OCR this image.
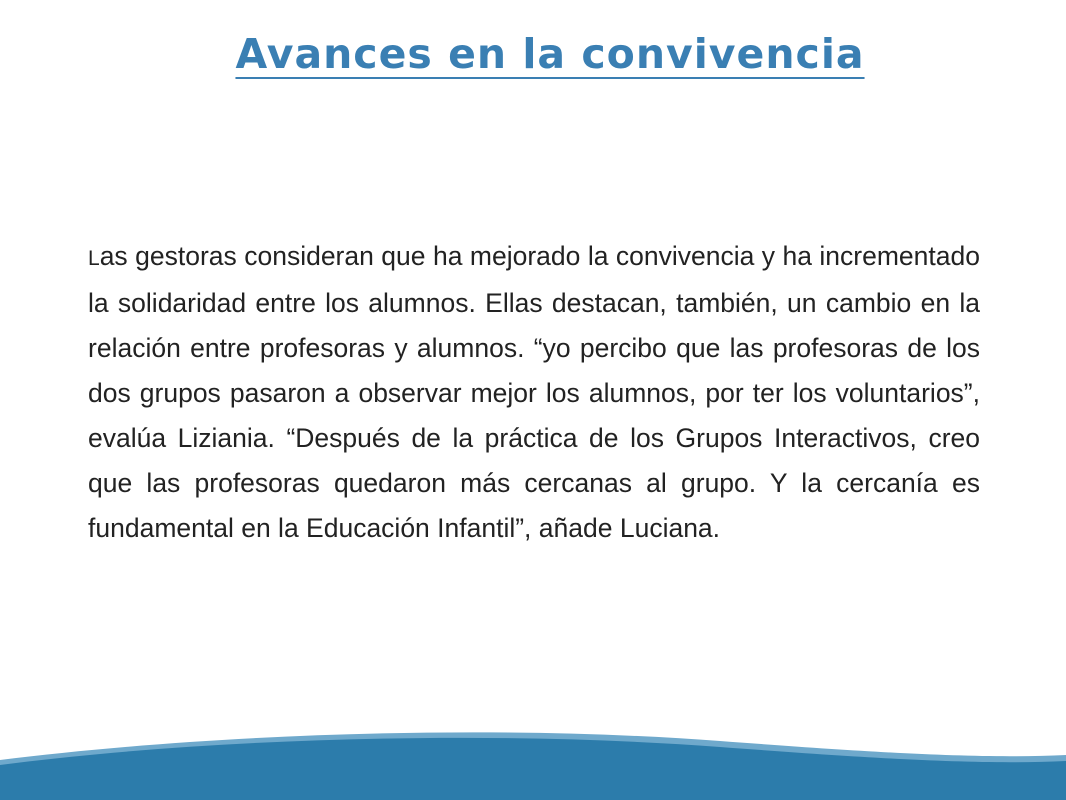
Avances en la convivencia

Las gestoras consideran que ha mejorado la convivencia y ha incrementado la solidaridad entre los alumnos. Ellas destacan, también, un cambio en la relación entre profesoras y alumnos. “yo percibo que las profesoras de los dos grupos pasaron a observar mejor los alumnos, por ter los voluntarios”, evalúa Liziania. “Después de la práctica de los Grupos Interactivos, creo que las profesoras quedaron más cercanas al grupo. Y la cercanía es fundamental en la Educación Infantil”, añade Luciana.
